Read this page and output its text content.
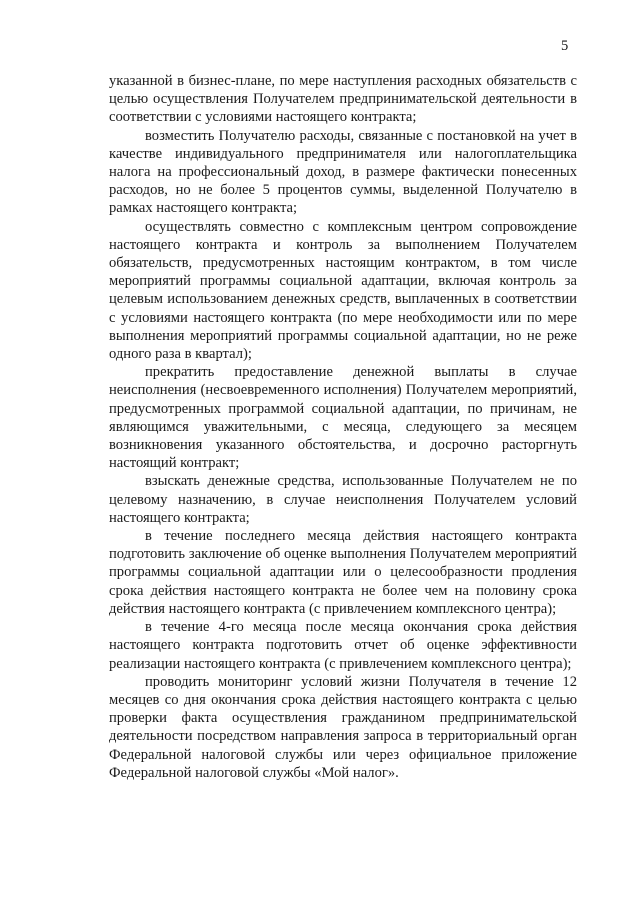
5

указанной в бизнес-плане, по мере наступления расходных обязательств с целью осуществления Получателем предпринимательской деятельности в соответствии с условиями настоящего контракта;

возместить Получателю расходы, связанные с постановкой на учет в качестве индивидуального предпринимателя или налогоплательщика налога на профессиональный доход, в размере фактически понесенных расходов, но не более 5 процентов суммы, выделенной Получателю в рамках настоящего контракта;

осуществлять совместно с комплексным центром сопровождение настоящего контракта и контроль за выполнением Получателем обязательств, предусмотренных настоящим контрактом, в том числе мероприятий программы социальной адаптации, включая контроль за целевым использованием денежных средств, выплаченных в соответствии с условиями настоящего контракта (по мере необходимости или по мере выполнения мероприятий программы социальной адаптации, но не реже одного раза в квартал);

прекратить предоставление денежной выплаты в случае неисполнения (несвоевременного исполнения) Получателем мероприятий, предусмотренных программой социальной адаптации, по причинам, не являющимся уважительными, с месяца, следующего за месяцем возникновения указанного обстоятельства, и досрочно расторгнуть настоящий контракт;

взыскать денежные средства, использованные Получателем не по целевому назначению, в случае неисполнения Получателем условий настоящего контракта;

в течение последнего месяца действия настоящего контракта подготовить заключение об оценке выполнения Получателем мероприятий программы социальной адаптации или о целесообразности продления срока действия настоящего контракта не более чем на половину срока действия настоящего контракта (с привлечением комплексного центра);

в течение 4-го месяца после месяца окончания срока действия настоящего контракта подготовить отчет об оценке эффективности реализации настоящего контракта (с привлечением комплексного центра);

проводить мониторинг условий жизни Получателя в течение 12 месяцев со дня окончания срока действия настоящего контракта с целью проверки факта осуществления гражданином предпринимательской деятельности посредством направления запроса в территориальный орган Федеральной налоговой службы или через официальное приложение Федеральной налоговой службы «Мой налог».
